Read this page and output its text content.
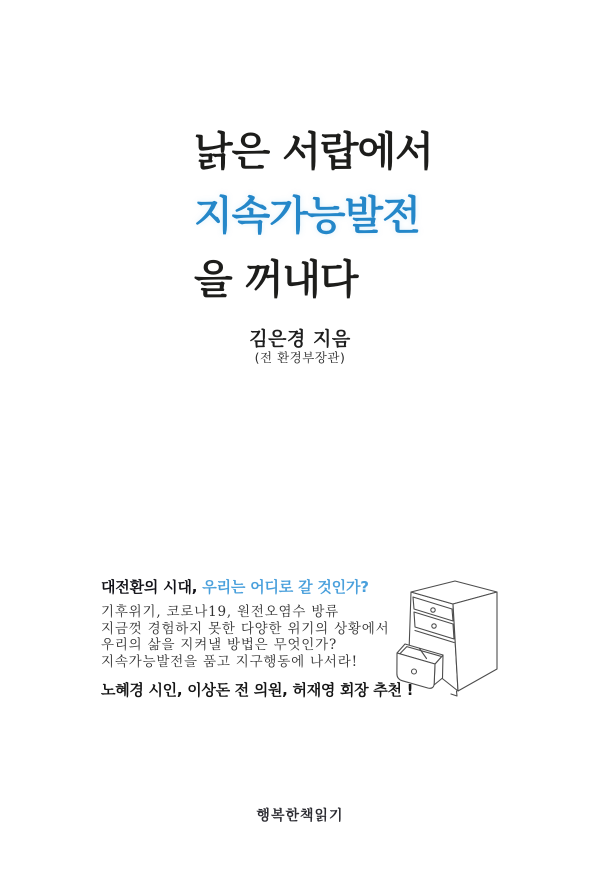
낡은 서랍에서
지속가능발전
을 꺼내다
김은경 지음
(전 환경부장관)
대전환의 시대, 우리는 어디로 갈 것인가?
기후위기, 코로나19, 원전오염수 방류
지금껏 경험하지 못한 다양한 위기의 상황에서
우리의 삶을 지켜낼 방법은 무엇인가?
지속가능발전을 품고 지구행동에 나서라!
노혜경 시인, 이상돈 전 의원, 허재영 회장 추천 !
행복한책읽기
